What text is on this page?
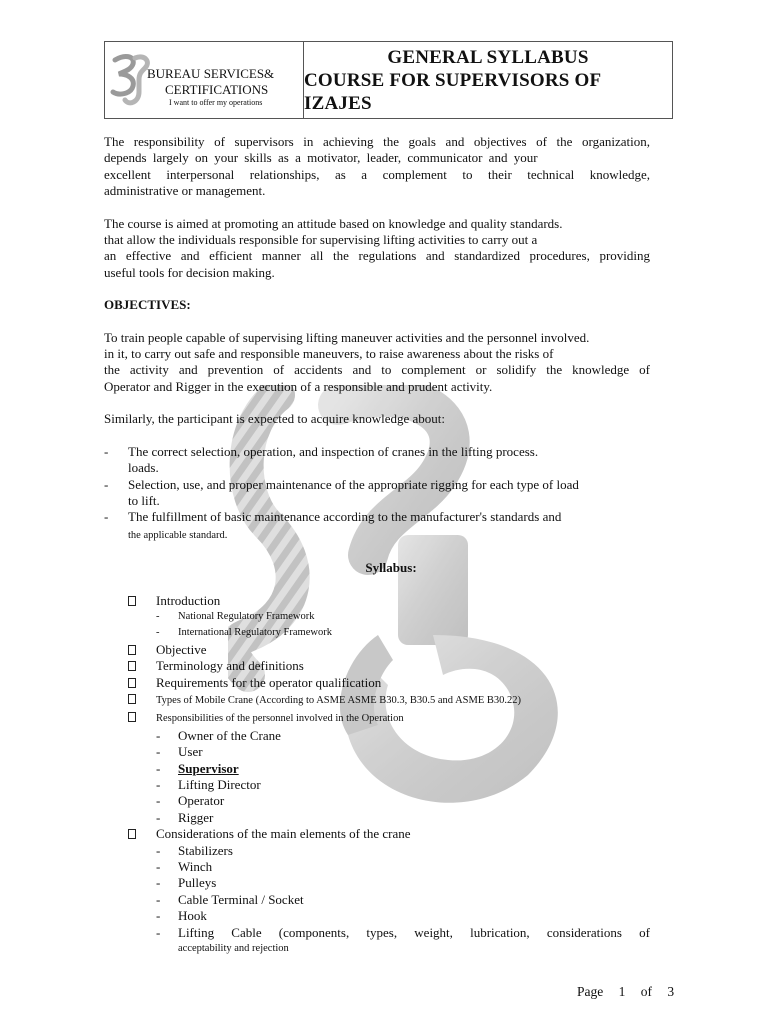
BUREAU SERVICES&
CERTIFICATIONS
I want to offer my operations
GENERAL SYLLABUS
COURSE FOR SUPERVISORS OF IZAJES
The responsibility of supervisors in achieving the goals and objectives of the organization,
depends largely on your skills as a motivator, leader, communicator and your
excellent interpersonal relationships, as a complement to their technical knowledge,
administrative or management.
The course is aimed at promoting an attitude based on knowledge and quality standards.
that allow the individuals responsible for supervising lifting activities to carry out a
an effective and efficient manner all the regulations and standardized procedures, providing
useful tools for decision making.
OBJECTIVES:
To train people capable of supervising lifting maneuver activities and the personnel involved.
in it, to carry out safe and responsible maneuvers, to raise awareness about the risks of
the activity and prevention of accidents and to complement or solidify the knowledge of
Operator and Rigger in the execution of a responsible and prudent activity.
Similarly, the participant is expected to acquire knowledge about:
- The correct selection, operation, and inspection of cranes in the lifting process.
loads.
- Selection, use, and proper maintenance of the appropriate rigging for each type of load
to lift.
- The fulfillment of basic maintenance according to the manufacturer's standards and
the applicable standard.
Syllabus:
Introduction
- National Regulatory Framework
- International Regulatory Framework
Objective
Terminology and definitions
Requirements for the operator qualification
Types of Mobile Crane (According to ASME ASME B30.3, B30.5 and ASME B30.22)
Responsibilities of the personnel involved in the Operation
- Owner of the Crane
- User
- Supervisor
- Lifting Director
- Operator
- Rigger
Considerations of the main elements of the crane
- Stabilizers
- Winch
- Pulleys
- Cable Terminal / Socket
- Hook
- Lifting Cable (components, types, weight, lubrication, considerations of
acceptability and rejection
Page 1 of 3
